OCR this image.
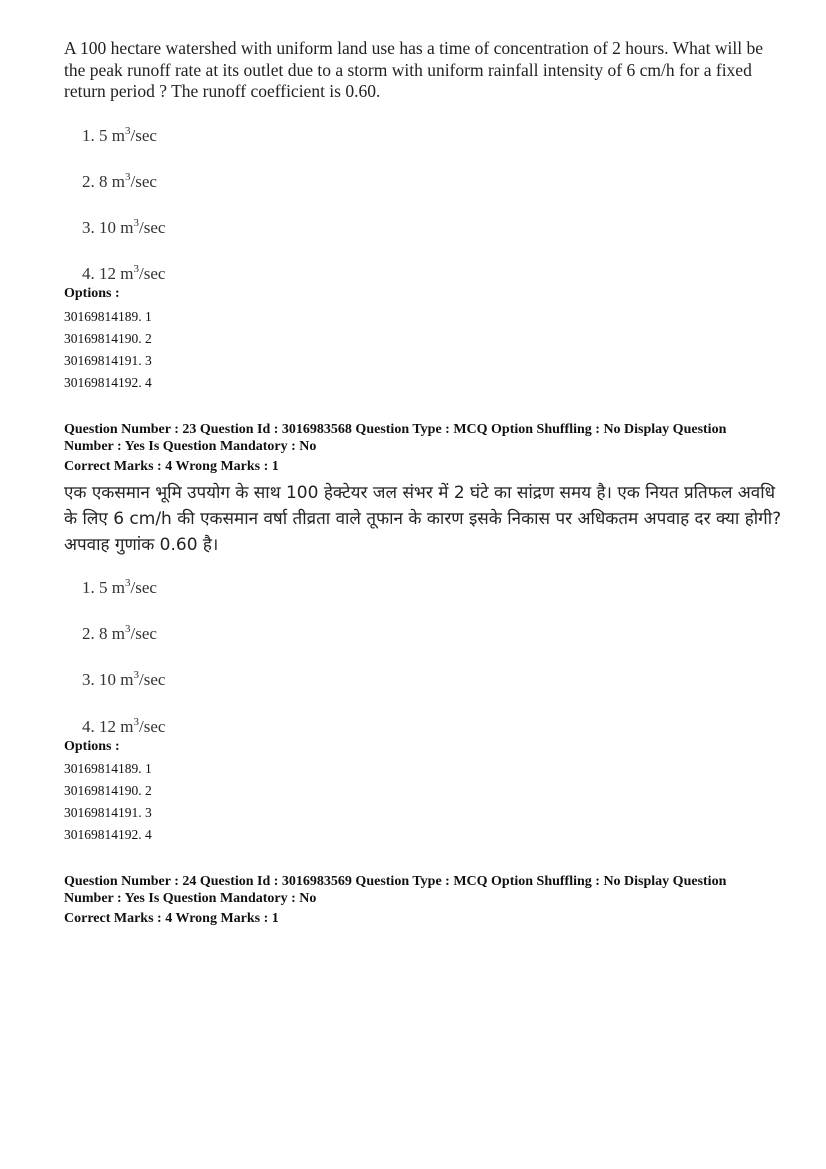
A 100 hectare watershed with uniform land use has a time of concentration of 2 hours. What will be the peak runoff rate at its outlet due to a storm with uniform rainfall intensity of 6 cm/h for a fixed return period ? The runoff coefficient is 0.60.
1. 5 $m^3/\sec$
2. 8 $m^3/\sec$
3. 10 $m^3/\sec$
4. 12 $m^3/\sec$
Options :
30169814189. 1
30169814190. 2
30169814191. 3
30169814192. 4
Question Number : 23 Question Id : 3016983568 Question Type : MCQ Option Shuffling : No Display Question
Number : Yes Is Question Mandatory : No
Correct Marks : 4 Wrong Marks : 1
एक एकसमान भूमि उपयोग के साथ 100 हेक्टेयर जल संभर में 2 घंटे का सांद्रण समय है। एक नियत प्रतिफल अवधि के लिए 6 cm/h की एकसमान वर्षा तीव्रता वाले तूफान के कारण इसके निकास पर अधिकतम अपवाह दर क्या होगी? अपवाह गुणांक 0.60 है।
1. 5 $m^3/\sec$
2. 8 $m^3/\sec$
3. 10 $m^3/\sec$
4. 12 $m^3/\sec$
Options :
30169814189. 1
30169814190. 2
30169814191. 3
30169814192. 4
Question Number : 24 Question Id : 3016983569 Question Type : MCQ Option Shuffling : No Display Question
Number : Yes Is Question Mandatory : No
Correct Marks : 4 Wrong Marks : 1
